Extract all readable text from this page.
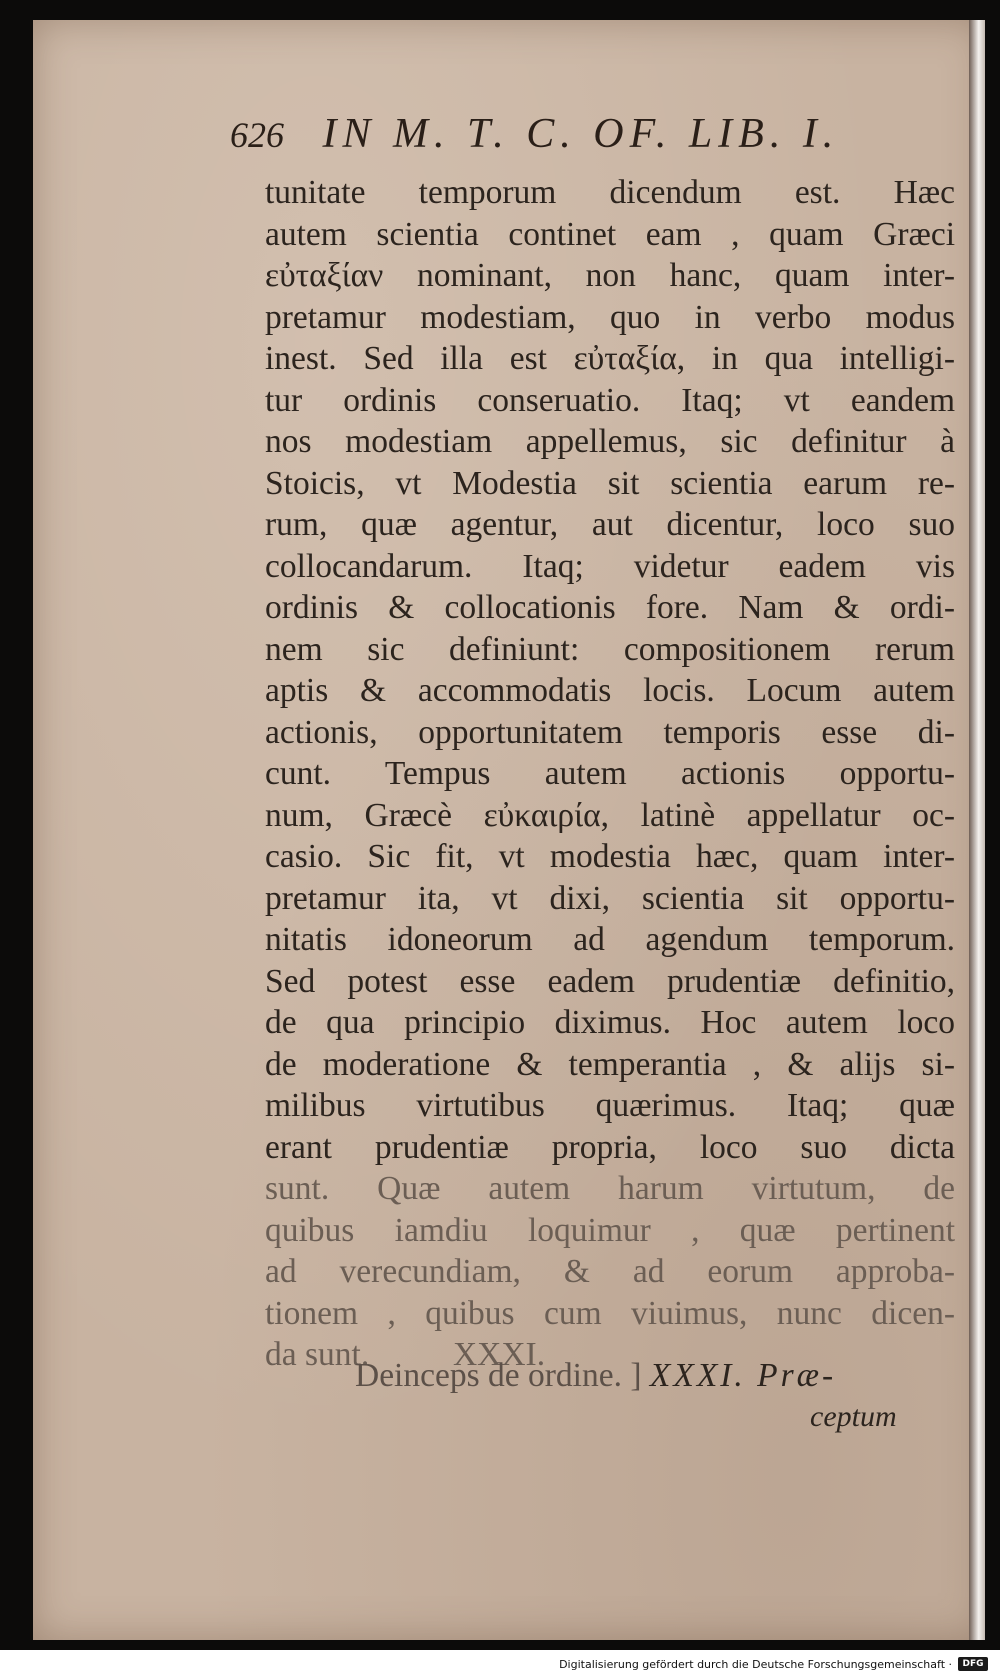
626 IN M. T. C. OF. LIB. I.
tunitate temporum dicendum est. Hæc
autem scientia continet eam , quam Græci
εὐταξίαν nominant, non hanc, quam inter-
pretamur modestiam, quo in verbo modus
inest. Sed illa est εὐταξία, in qua intelligi-
tur ordinis conseruatio. Itaq; vt eandem
nos modestiam appellemus, sic definitur à
Stoicis, vt Modestia sit scientia earum re-
rum, quæ agentur, aut dicentur, loco suo
collocandarum. Itaq; videtur eadem vis
ordinis & collocationis fore. Nam & ordi-
nem sic definiunt: compositionem rerum
aptis & accommodatis locis. Locum autem
actionis, opportunitatem temporis esse di-
cunt. Tempus autem actionis opportu-
num, Græcè εὐκαιρία, latinè appellatur oc-
casio. Sic fit, vt modestia hæc, quam inter-
pretamur ita, vt dixi, scientia sit opportu-
nitatis idoneorum ad agendum temporum.
Sed potest esse eadem prudentiæ definitio,
de qua principio diximus. Hoc autem loco
de moderatione & temperantia , & alijs si-
milibus virtutibus quærimus. Itaq; quæ
erant prudentiæ propria, loco suo dicta
sunt. Quæ autem harum virtutum, de
quibus iamdiu loquimur , quæ pertinent
ad verecundiam, & ad eorum approba-
tionem , quibus cum viuimus, nunc dicen-
da sunt.          XXXI.
Deinceps de ordine. ] XXXI. Præ-
ceptum
Digitalisierung gefördert durch die Deutsche Forschungsgemeinschaft ·	DFG
